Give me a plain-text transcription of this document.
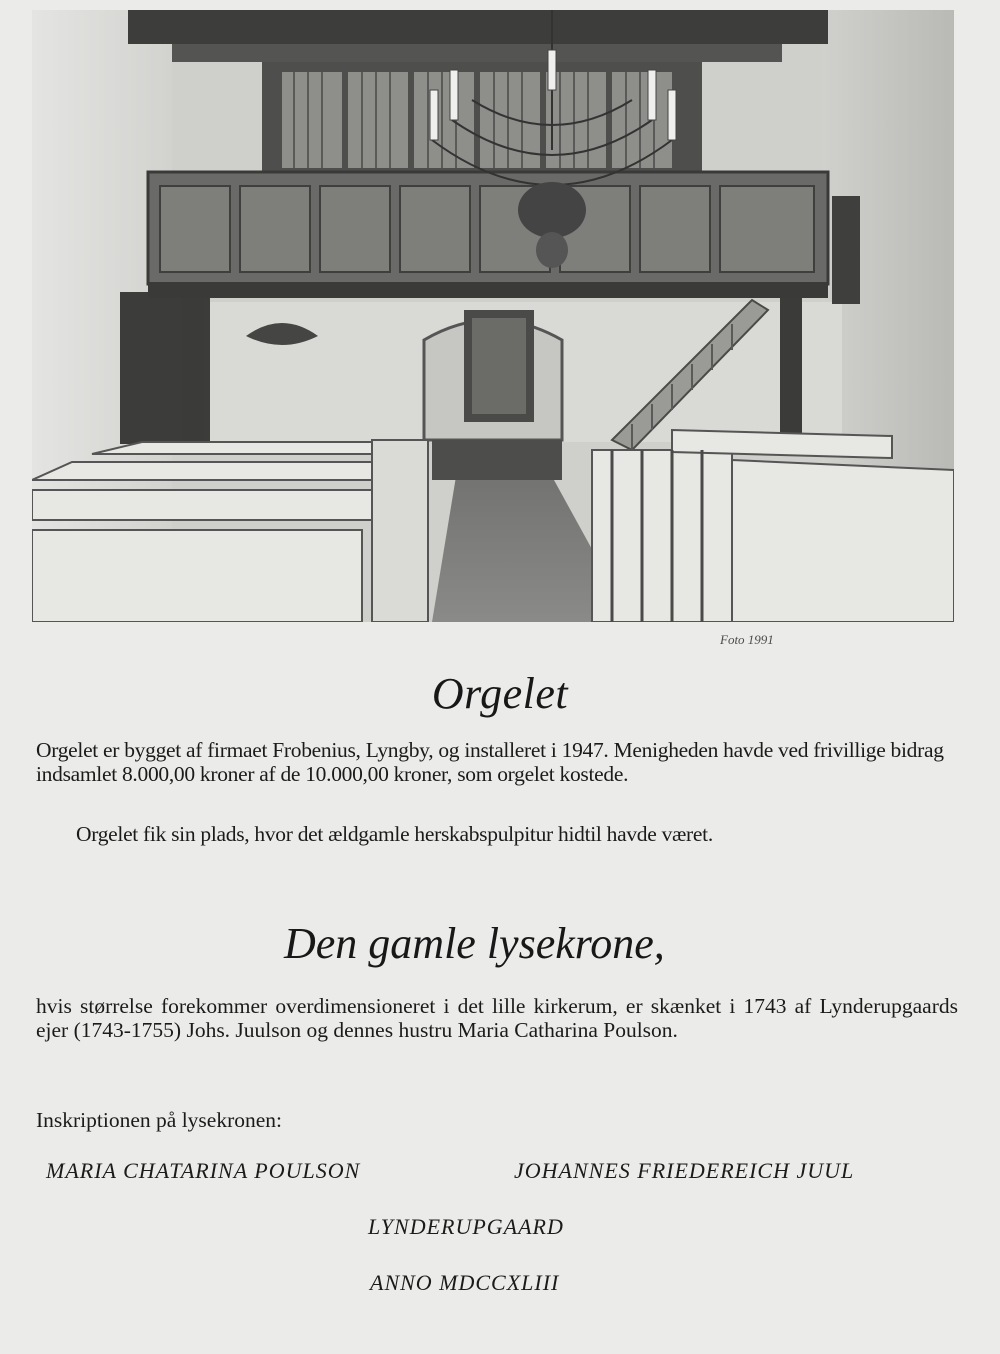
Foto 1991
Orgelet

Orgelet er bygget af firmaet Frobenius, Lyngby, og installeret i 1947. Menigheden havde ved frivillige bidrag indsamlet 8.000,00 kroner af de 10.000,00 kroner, som orgelet kostede.

Orgelet fik sin plads, hvor det ældgamle herskabspulpitur hidtil havde været.

Den gamle lysekrone,

hvis størrelse forekommer overdimensioneret i det lille kirkerum, er skænket i 1743 af Lynderupgaards ejer (1743-1755) Johs. Juulson og dennes hustru Maria Catharina Poulson.

Inskriptionen på lysekronen:

MARIA CHATARINA POULSON	JOHANNES FRIEDEREICH JUUL

LYNDERUPGAARD

ANNO MDCCXLIII
